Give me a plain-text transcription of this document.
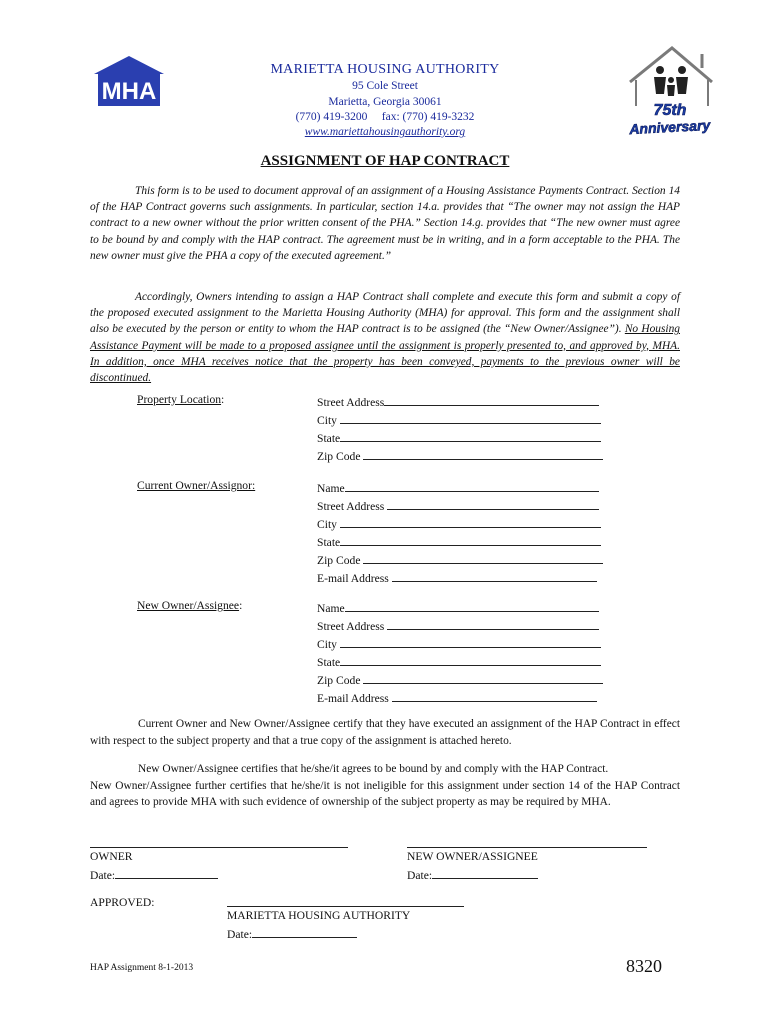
MHA
75th
Anniversary
MARIETTA HOUSING AUTHORITY
95 Cole Street
Marietta, Georgia 30061
(770) 419-3200     fax: (770) 419-3232
www.mariettahousingauthority.org
ASSIGNMENT OF HAP CONTRACT

This form is to be used to document approval of an assignment of a Housing Assistance Payments Contract. Section 14 of the HAP Contract governs such assignments. In particular, section 14.a. provides that “The owner may not assign the HAP contract to a new owner without the prior written consent of the PHA.” Section 14.g. provides that “The new owner must agree to be bound by and comply with the HAP contract. The agreement must be in writing, and in a form acceptable to the PHA. The new owner must give the PHA a copy of the executed agreement.”

Accordingly, Owners intending to assign a HAP Contract shall complete and execute this form and submit a copy of the proposed executed assignment to the Marietta Housing Authority (MHA) for approval. This form and the assignment shall also be executed by the person or entity to whom the HAP contract is to be assigned (the “New Owner/Assignee”). No Housing Assistance Payment will be made to a proposed assignee until the assignment is properly presented to, and approved by, MHA. In addition, once MHA receives notice that the property has been conveyed, payments to the previous owner will be discontinued.

Property Location:	Street Address
City
State
Zip Code
Current Owner/Assignor:	Name
Street Address
City
State
Zip Code
E-mail Address
New Owner/Assignee:	Name
Street Address
City
State
Zip Code
E-mail Address

Current Owner and New Owner/Assignee certify that they have executed an assignment of the HAP Contract in effect with respect to the subject property and that a true copy of the assignment is attached hereto.

New Owner/Assignee certifies that he/she/it agrees to be bound by and comply with the HAP Contract.

New Owner/Assignee further certifies that he/she/it is not ineligible for this assignment under section 14 of the HAP Contract and agrees to provide MHA with such evidence of ownership of the subject property as may be required by MHA.
OWNER
Date:
NEW OWNER/ASSIGNEE
Date:
APPROVED:
MARIETTA HOUSING AUTHORITY
Date:
HAP Assignment 8-1-2013	8320
